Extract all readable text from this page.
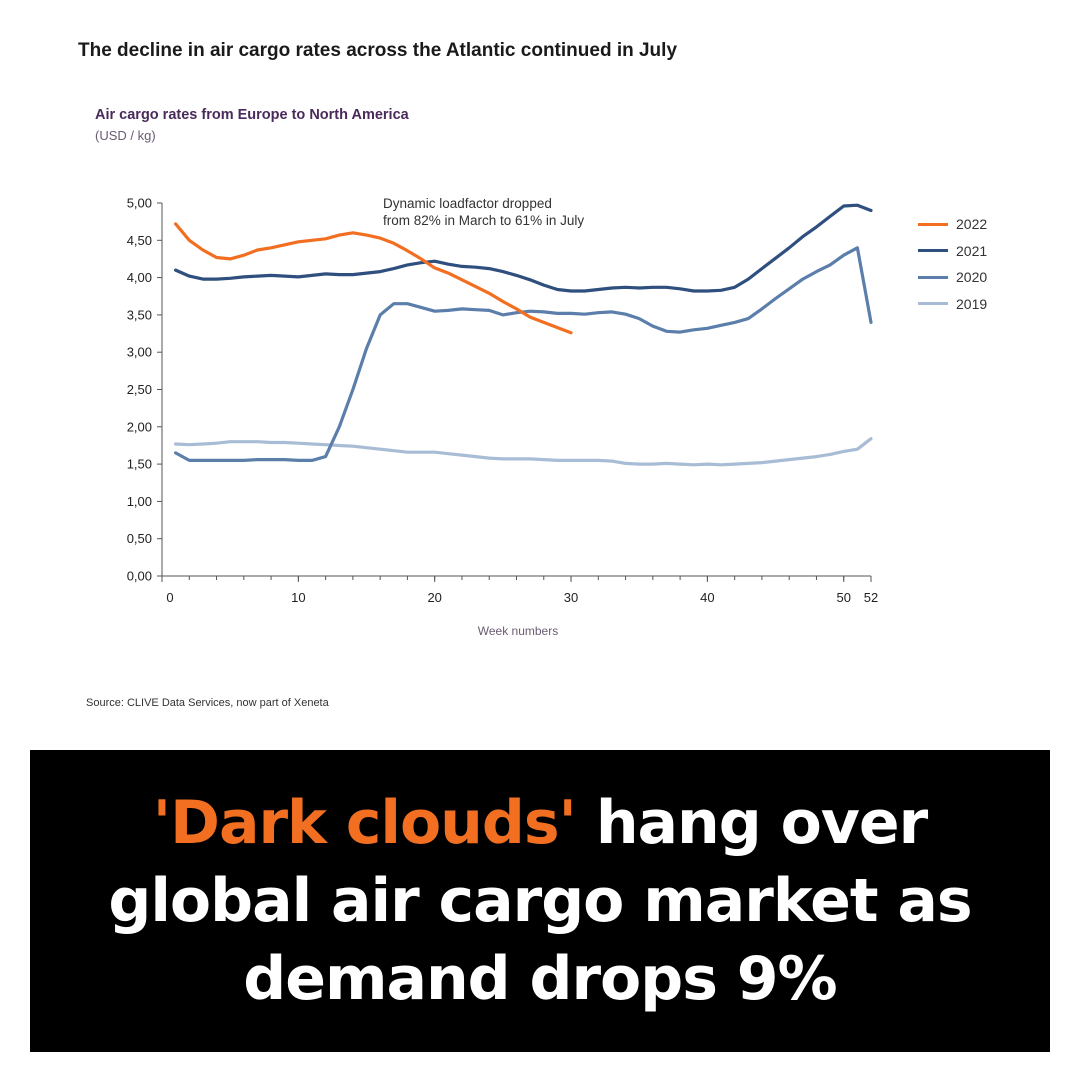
The decline in air cargo rates across the Atlantic continued in July
Air cargo rates from Europe to North America
(USD / kg)
0,00
0,50
1,00
1,50
2,00
2,50
3,00
3,50
4,00
4,50
5,00
0	10	20	30	40	50 52
Week numbers
Dynamic loadfactor dropped
from 82% in March to 61% in July	2022
2021
2020
2019
Source: CLIVE Data Services, now part of Xeneta
'Dark clouds' hang over
global air cargo market as
demand drops 9%
